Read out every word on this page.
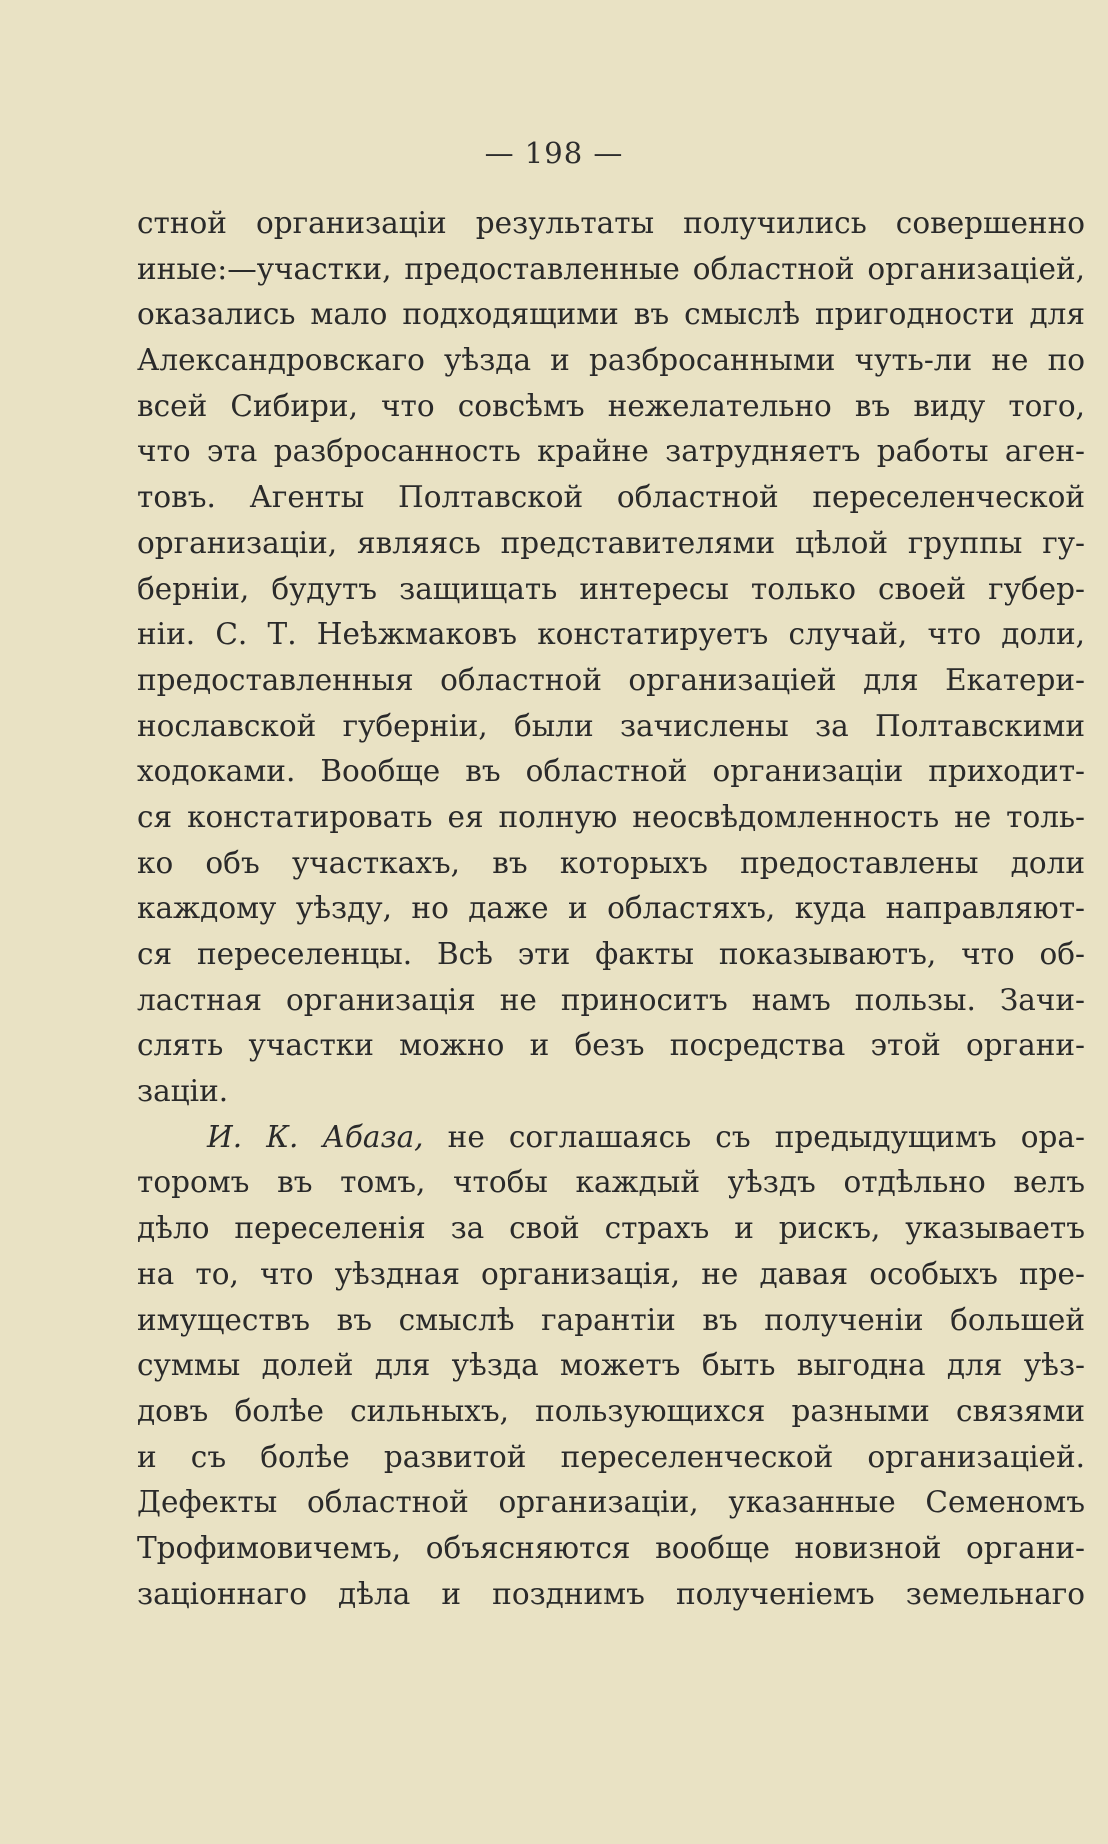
— 198 —
стной организаціи результаты получились совершенно
иные:—участки, предоставленные областной организаціей,
оказались мало подходящими въ смыслѣ пригодности для
Александровскаго уѣзда и разбросанными чуть-ли не по
всей Сибири, что совсѣмъ нежелательно въ виду того,
что эта разбросанность крайне затрудняетъ работы аген-
товъ. Агенты Полтавской областной переселенческой
организаціи, являясь представителями цѣлой группы гу-
берніи, будутъ защищать интересы только своей губер-
ніи. С. Т. Неѣжмаковъ констатируетъ случай, что доли,
предоставленныя областной организаціей для Екатери-
нославской губерніи, были зачислены за Полтавскими
ходоками. Вообще въ областной организаціи приходит-
ся констатировать ея полную неосвѣдомленность не толь-
ко объ участкахъ, въ которыхъ предоставлены доли
каждому уѣзду, но даже и областяхъ, куда направляют-
ся переселенцы. Всѣ эти факты показываютъ, что об-
ластная организація не приноситъ намъ пользы. Зачи-
слять участки можно и безъ посредства этой органи-
заціи.
И. К. Абаза, не соглашаясь съ предыдущимъ ора-
торомъ въ томъ, чтобы каждый уѣздъ отдѣльно велъ
дѣло переселенія за свой страхъ и рискъ, указываетъ
на то, что уѣздная организація, не давая особыхъ пре-
имуществъ въ смыслѣ гарантіи въ полученіи большей
суммы долей для уѣзда можетъ быть выгодна для уѣз-
довъ болѣе сильныхъ, пользующихся разными связями
и съ болѣе развитой переселенческой организаціей.
Дефекты областной организаціи, указанные Семеномъ
Трофимовичемъ, объясняются вообще новизной органи-
заціоннаго дѣла и позднимъ полученіемъ земельнаго
